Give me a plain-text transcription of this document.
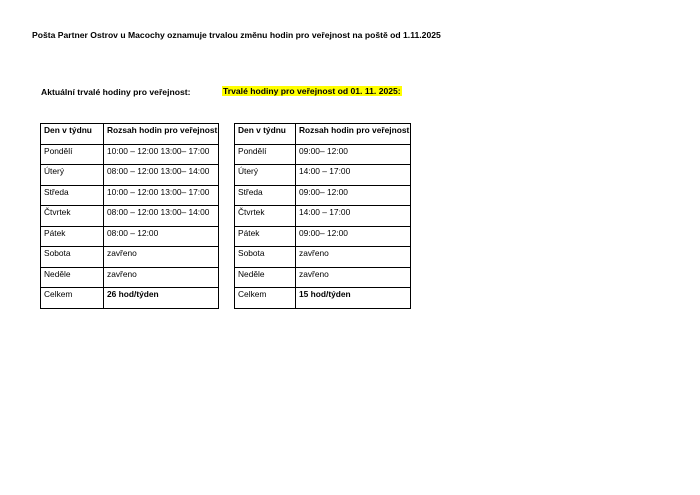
Pošta Partner Ostrov u Macochy oznamuje trvalou změnu hodin pro veřejnost na poště od 1.11.2025
Aktuální trvalé hodiny pro veřejnost:	Trvalé hodiny pro veřejnost od 01. 11. 2025:
Den v týdnu	Rozsah hodin pro veřejnost
Pondělí	10:00 – 12:00 13:00– 17:00
Úterý	08:00 – 12:00 13:00– 14:00
Středa	10:00 – 12:00 13:00– 17:00
Čtvrtek	08:00 – 12:00 13:00– 14:00
Pátek	08:00 – 12:00
Sobota	zavřeno
Neděle	zavřeno
Celkem	26 hod/týden
Den v týdnu	Rozsah hodin pro veřejnost
Pondělí	09:00– 12:00
Úterý	14:00 – 17:00
Středa	09:00– 12:00
Čtvrtek	14:00 – 17:00
Pátek	09:00– 12:00
Sobota	zavřeno
Neděle	zavřeno
Celkem	15 hod/týden
